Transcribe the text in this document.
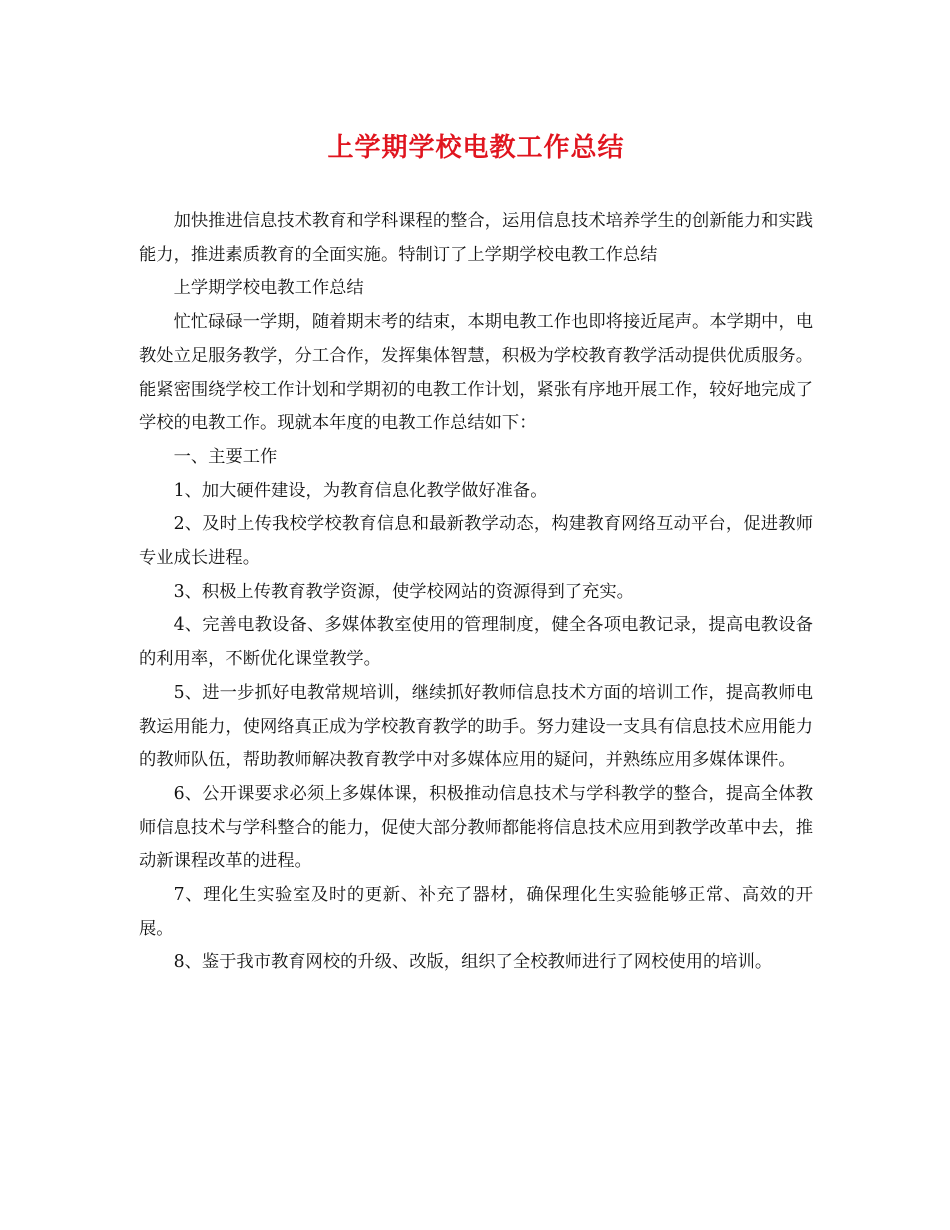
上学期学校电教工作总结

加快推进信息技术教育和学科课程的整合，运用信息技术培养学生的创新能力和实践能力，推进素质教育的全面实施。特制订了上学期学校电教工作总结

上学期学校电教工作总结

忙忙碌碌一学期，随着期末考的结束，本期电教工作也即将接近尾声。本学期中，电教处立足服务教学，分工合作，发挥集体智慧，积极为学校教育教学活动提供优质服务。能紧密围绕学校工作计划和学期初的电教工作计划，紧张有序地开展工作，较好地完成了学校的电教工作。现就本年度的电教工作总结如下：

一、主要工作

1、加大硬件建设，为教育信息化教学做好准备。

2、及时上传我校学校教育信息和最新教学动态，构建教育网络互动平台，促进教师专业成长进程。

3、积极上传教育教学资源，使学校网站的资源得到了充实。

4、完善电教设备、多媒体教室使用的管理制度，健全各项电教记录，提高电教设备的利用率，不断优化课堂教学。

5、进一步抓好电教常规培训，继续抓好教师信息技术方面的培训工作，提高教师电教运用能力，使网络真正成为学校教育教学的助手。努力建设一支具有信息技术应用能力的教师队伍，帮助教师解决教育教学中对多媒体应用的疑问，并熟练应用多媒体课件。

6、公开课要求必须上多媒体课，积极推动信息技术与学科教学的整合，提高全体教师信息技术与学科整合的能力，促使大部分教师都能将信息技术应用到教学改革中去，推动新课程改革的进程。

7、理化生实验室及时的更新、补充了器材，确保理化生实验能够正常、高效的开展。

8、鉴于我市教育网校的升级、改版，组织了全校教师进行了网校使用的培训。
